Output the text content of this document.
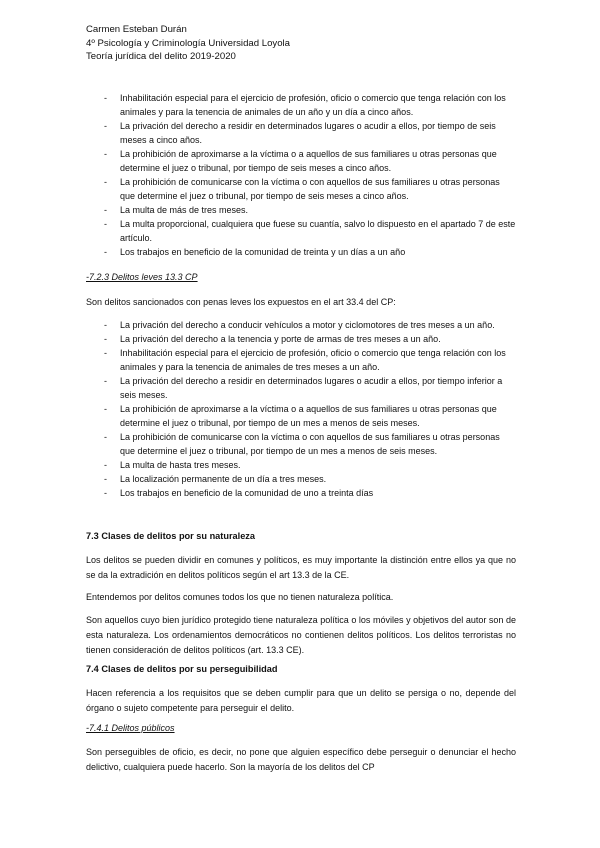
Carmen Esteban Durán
4º Psicología y Criminología Universidad Loyola
Teoría jurídica del delito 2019-2020
- Inhabilitación especial para el ejercicio de profesión, oficio o comercio que tenga relación con los animales y para la tenencia de animales de un año y un día a cinco años.
- La privación del derecho a residir en determinados lugares o acudir a ellos, por tiempo de seis meses a cinco años.
- La prohibición de aproximarse a la víctima o a aquellos de sus familiares u otras personas que determine el juez o tribunal, por tiempo de seis meses a cinco años.
- La prohibición de comunicarse con la víctima o con aquellos de sus familiares u otras personas que determine el juez o tribunal, por tiempo de seis meses a cinco años.
- La multa de más de tres meses.
- La multa proporcional, cualquiera que fuese su cuantía, salvo lo dispuesto en el apartado 7 de este artículo.
- Los trabajos en beneficio de la comunidad de treinta y un días a un año
-7.2.3 Delitos leves 13.3 CP

Son delitos sancionados con penas leves los expuestos en el art 33.4 del CP:

- La privación del derecho a conducir vehículos a motor y ciclomotores de tres meses a un año.
- La privación del derecho a la tenencia y porte de armas de tres meses a un año.
- Inhabilitación especial para el ejercicio de profesión, oficio o comercio que tenga relación con los animales y para la tenencia de animales de tres meses a un año.
- La privación del derecho a residir en determinados lugares o acudir a ellos, por tiempo inferior a seis meses.
- La prohibición de aproximarse a la víctima o a aquellos de sus familiares u otras personas que determine el juez o tribunal, por tiempo de un mes a menos de seis meses.
- La prohibición de comunicarse con la víctima o con aquellos de sus familiares u otras personas que determine el juez o tribunal, por tiempo de un mes a menos de seis meses.
- La multa de hasta tres meses.
- La localización permanente de un día a tres meses.
- Los trabajos en beneficio de la comunidad de uno a treinta días
7.3 Clases de delitos por su naturaleza

Los delitos se pueden dividir en comunes y políticos, es muy importante la distinción entre ellos ya que no se da la extradición en delitos políticos según el art 13.3 de la CE.

Entendemos por delitos comunes todos los que no tienen naturaleza política.

Son aquellos cuyo bien jurídico protegido tiene naturaleza política o los móviles y objetivos del autor son de esta naturaleza. Los ordenamientos democráticos no contienen delitos políticos. Los delitos terroristas no tienen consideración de delitos políticos (art. 13.3 CE).

7.4 Clases de delitos por su perseguibilidad

Hacen referencia a los requisitos que se deben cumplir para que un delito se persiga o no, depende del órgano o sujeto competente para perseguir el delito.

-7.4.1 Delitos públicos

Son perseguibles de oficio, es decir, no pone que alguien específico debe perseguir o denunciar el hecho delictivo, cualquiera puede hacerlo. Son la mayoría de los delitos del CP
